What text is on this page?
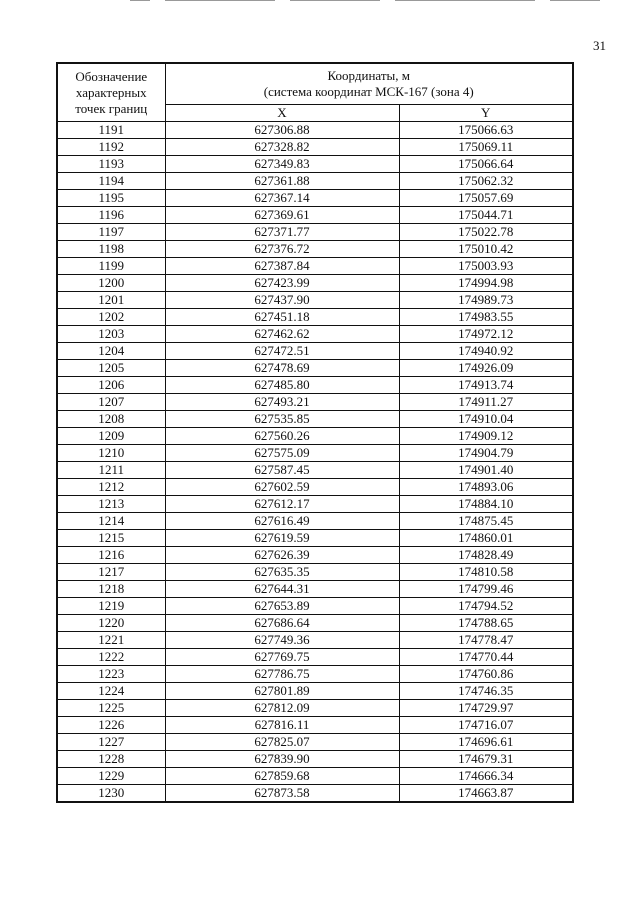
31
Обозначение характерных точек границ	Координаты, м
(система координат МСК-167 (зона 4)	

	X	Y
1191	627306.88	175066.63
1192	627328.82	175069.11
1193	627349.83	175066.64
1194	627361.88	175062.32
1195	627367.14	175057.69
1196	627369.61	175044.71
1197	627371.77	175022.78
1198	627376.72	175010.42
1199	627387.84	175003.93
1200	627423.99	174994.98
1201	627437.90	174989.73
1202	627451.18	174983.55
1203	627462.62	174972.12
1204	627472.51	174940.92
1205	627478.69	174926.09
1206	627485.80	174913.74
1207	627493.21	174911.27
1208	627535.85	174910.04
1209	627560.26	174909.12
1210	627575.09	174904.79
1211	627587.45	174901.40
1212	627602.59	174893.06
1213	627612.17	174884.10
1214	627616.49	174875.45
1215	627619.59	174860.01
1216	627626.39	174828.49
1217	627635.35	174810.58
1218	627644.31	174799.46
1219	627653.89	174794.52
1220	627686.64	174788.65
1221	627749.36	174778.47
1222	627769.75	174770.44
1223	627786.75	174760.86
1224	627801.89	174746.35
1225	627812.09	174729.97
1226	627816.11	174716.07
1227	627825.07	174696.61
1228	627839.90	174679.31
1229	627859.68	174666.34
1230	627873.58	174663.87
